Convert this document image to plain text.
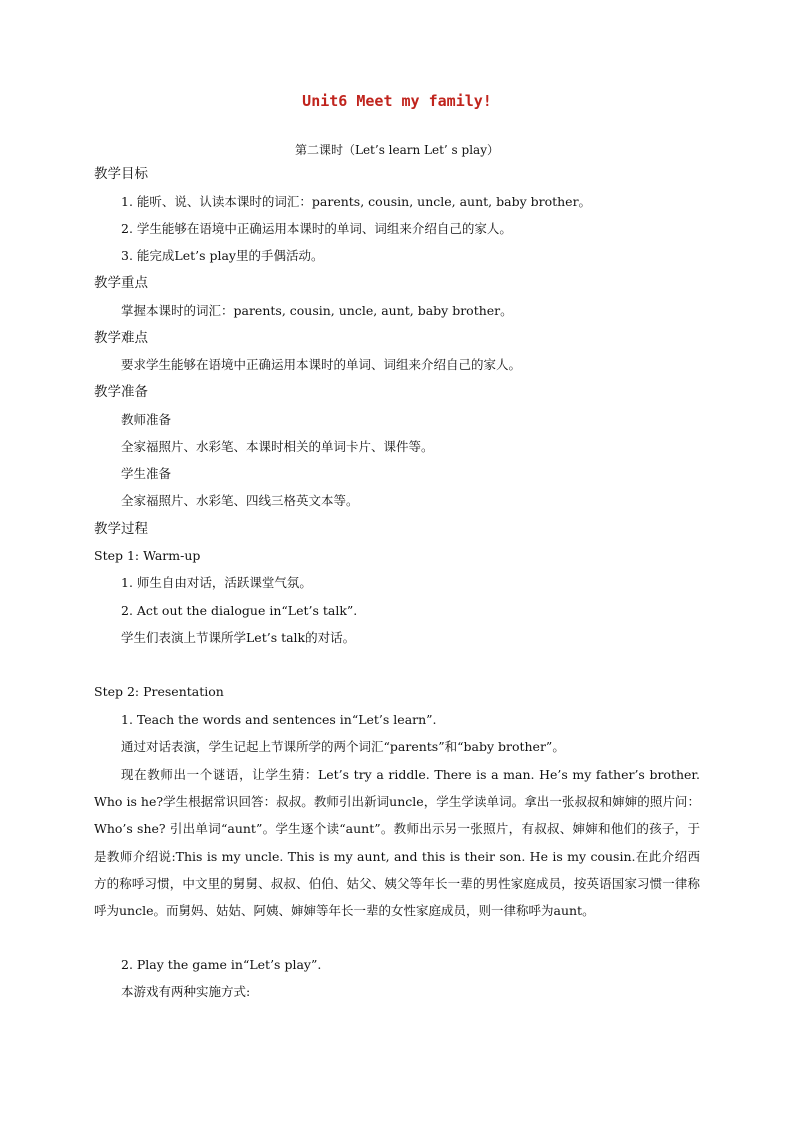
Unit6 Meet my family!
第二课时（Let’s learn Let’ s play）
教学目标
1. 能听、说、认读本课时的词汇：parents, cousin, uncle, aunt, baby brother。
2. 学生能够在语境中正确运用本课时的单词、词组来介绍自己的家人。
3. 能完成Let’s play里的手偶活动。
教学重点
掌握本课时的词汇：parents, cousin, uncle, aunt, baby brother。
教学难点
要求学生能够在语境中正确运用本课时的单词、词组来介绍自己的家人。
教学准备
教师准备
全家福照片、水彩笔、本课时相关的单词卡片、课件等。
学生准备
全家福照片、水彩笔、四线三格英文本等。
教学过程
Step 1: Warm-up
1. 师生自由对话，活跃课堂气氛。
2. Act out the dialogue in“Let’s talk”.
学生们表演上节课所学Let’s talk的对话。
Step 2: Presentation
1. Teach the words and sentences in“Let’s learn”.
通过对话表演，学生记起上节课所学的两个词汇“parents”和“baby brother”。
现在教师出一个谜语，让学生猜：Let’s try a riddle. There is a man. He’s my father’s brother. Who is he?学生根据常识回答：叔叔。教师引出新词uncle，学生学读单词。拿出一张叔叔和婶婶的照片问：Who’s she? 引出单词“aunt”。学生逐个读“aunt”。教师出示另一张照片，有叔叔、婶婶和他们的孩子，于是教师介绍说:This is my uncle. This is my aunt, and this is their son. He is my cousin.在此介绍西方的称呼习惯，中文里的舅舅、叔叔、伯伯、姑父、姨父等年长一辈的男性家庭成员，按英语国家习惯一律称呼为uncle。而舅妈、姑姑、阿姨、婶婶等年长一辈的女性家庭成员，则一律称呼为aunt。
2. Play the game in“Let’s play”.
本游戏有两种实施方式:
